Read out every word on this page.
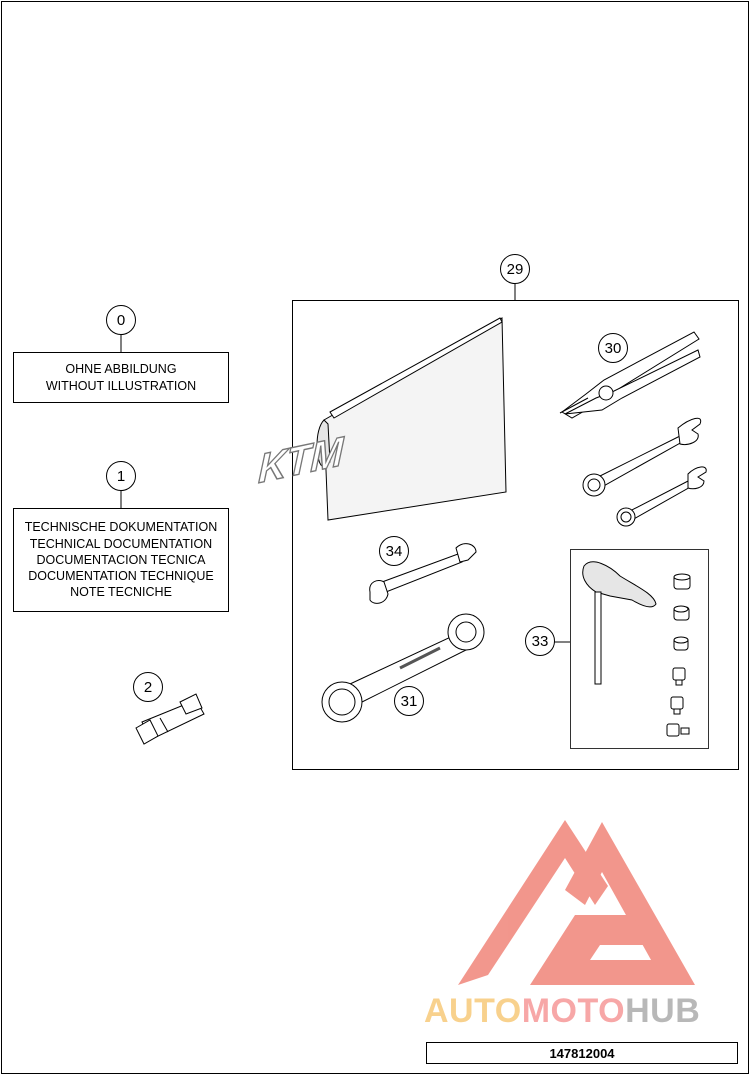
KTM
0
1
2
29
30
31
33
34
OHNE ABBILDUNG
WITHOUT ILLUSTRATION
TECHNISCHE DOKUMENTATION
TECHNICAL DOCUMENTATION
DOCUMENTACION TECNICA
DOCUMENTATION TECHNIQUE
NOTE TECNICHE
AUTOMOTOHUB
147812004
